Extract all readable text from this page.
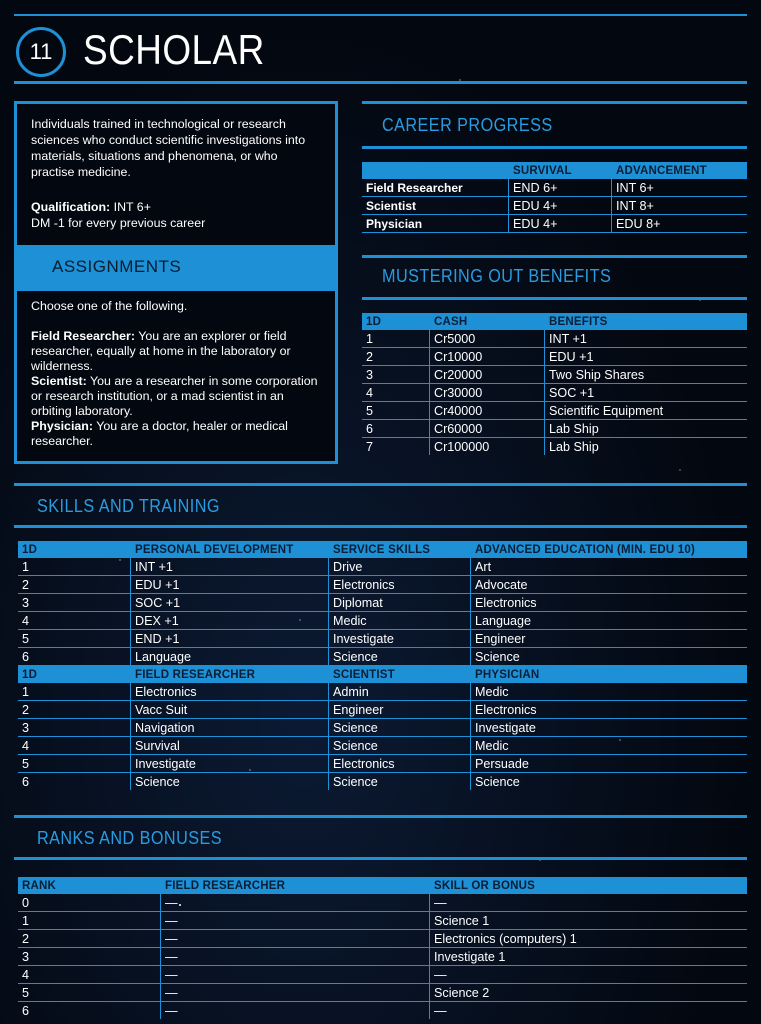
11 SCHOLAR
Individuals trained in technological or research sciences who conduct scientific investigations into materials, situations and phenomena, or who practise medicine.
Qualification: INT 6+
DM -1 for every previous career
ASSIGNMENTS

Choose one of the following.

Field Researcher: You are an explorer or field researcher, equally at home in the laboratory or wilderness.

Scientist: You are a researcher in some corporation or research institution, or a mad scientist in an orbiting laboratory.

Physician: You are a doctor, healer or medical researcher.

CAREER PROGRESS
	SURVIVAL	ADVANCEMENT
Field Researcher	END 6+	INT 6+
Scientist	EDU 4+	INT 8+
Physician	EDU 4+	EDU 8+
MUSTERING OUT BENEFITS
1D	CASH	BENEFITS
1	Cr5000	INT +1
2	Cr10000	EDU +1
3	Cr20000	Two Ship Shares
4	Cr30000	SOC +1
5	Cr40000	Scientific Equipment
6	Cr60000	Lab Ship
7	Cr100000	Lab Ship
SKILLS AND TRAINING
1D	PERSONAL DEVELOPMENT	SERVICE SKILLS	ADVANCED EDUCATION (MIN. EDU 10)
1	INT +1	Drive	Art
2	EDU +1	Electronics	Advocate
3	SOC +1	Diplomat	Electronics
4	DEX +1	Medic	Language
5	END +1	Investigate	Engineer
6	Language	Science	Science
1D	FIELD RESEARCHER	SCIENTIST	PHYSICIAN
1	Electronics	Admin	Medic
2	Vacc Suit	Engineer	Electronics
3	Navigation	Science	Investigate
4	Survival	Science	Medic
5	Investigate	Electronics	Persuade
6	Science	Science	Science
RANKS AND BONUSES
RANK	FIELD RESEARCHER	SKILL OR BONUS
0	—	—
1	—	Science 1
2	—	Electronics (computers) 1
3	—	Investigate 1
4	—	—
5	—	Science 2
6	—	—
